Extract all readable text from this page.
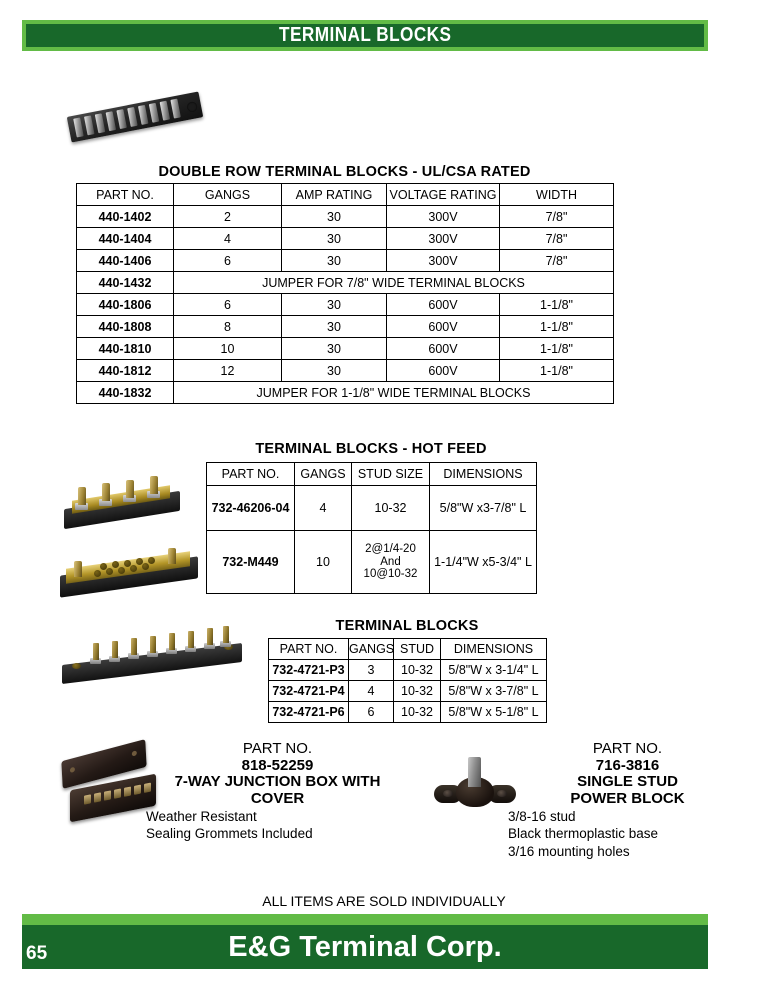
TERMINAL BLOCKS
DOUBLE ROW TERMINAL BLOCKS - UL/CSA RATED
PART NO.	GANGS	AMP RATING	VOLTAGE RATING	WIDTH
440-1402	2	30	300V	7/8"
440-1404	4	30	300V	7/8"
440-1406	6	30	300V	7/8"
440-1432	JUMPER FOR 7/8" WIDE TERMINAL BLOCKS			
440-1806	6	30	600V	1-1/8"
440-1808	8	30	600V	1-1/8"
440-1810	10	30	600V	1-1/8"
440-1812	12	30	600V	1-1/8"
440-1832	JUMPER FOR 1-1/8" WIDE TERMINAL BLOCKS			
TERMINAL BLOCKS - HOT FEED
PART NO.	GANGS	STUD SIZE	DIMENSIONS
732-46206-04	4	10-32	5/8"W x3-7/8" L
732-M449	10	2@1/4-20
And
10@10-32	1-1/4"W x5-3/4" L
TERMINAL BLOCKS
PART NO.	GANGS	STUD	DIMENSIONS
732-4721-P3	3	10-32	5/8"W x 3-1/4" L
732-4721-P4	4	10-32	5/8"W x 3-7/8" L
732-4721-P6	6	10-32	5/8"W x 5-1/8" L
PART NO.
818-52259
7-WAY JUNCTION BOX WITH
COVER
Weather Resistant
Sealing Grommets Included
PART NO.
716-3816
SINGLE STUD
POWER BLOCK
3/8-16 stud
Black thermoplastic base
3/16 mounting holes
ALL ITEMS ARE SOLD INDIVIDUALLY
E&G Terminal Corp.
65
